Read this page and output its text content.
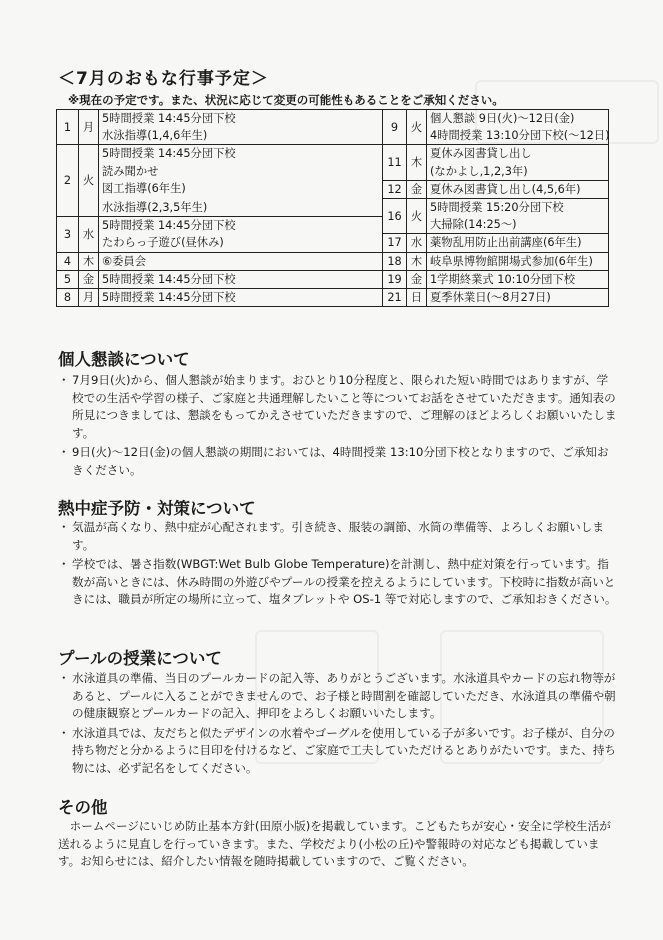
＜7月のおもな行事予定＞
※現在の予定です。また、状況に応じて変更の可能性もあることをご承知ください。
1	月	5時間授業 14:45分団下校	9	火	個人懇談 9日(火)～12日(金)
		水泳指導(1,4,6年生)			4時間授業 13:10分団下校(～12日)
2	火	5時間授業 14:45分団下校	11	木	夏休み図書貸し出し
		読み聞かせ			(なかよし,1,2,3年)
		図工指導(6年生)	12	金	夏休み図書貸し出し(4,5,6年)
		水泳指導(2,3,5年生)	16	火	5時間授業 15:20分団下校
3	水	5時間授業 14:45分団下校			大掃除(14:25～)
		たわらっ子遊び(昼休み)	17	水	薬物乱用防止出前講座(6年生)
4	木	⑥委員会	18	木	岐阜県博物館開場式参加(6年生)
5	金	5時間授業 14:45分団下校	19	金	1学期終業式 10:10分団下校
8	月	5時間授業 14:45分団下校	21	日	夏季休業日(～8月27日)
個人懇談について

・ 7月9日(火)から、個人懇談が始まります。おひとり10分程度と、限られた短い時間ではありますが、学校での生活や学習の様子、ご家庭と共通理解したいこと等についてお話をさせていただきます。通知表の所見につきましては、懇談をもってかえさせていただきますので、ご理解のほどよろしくお願いいたします。

・ 9日(火)～12日(金)の個人懇談の期間においては、4時間授業 13:10分団下校となりますので、ご承知おきください。

熱中症予防・対策について

・ 気温が高くなり、熱中症が心配されます。引き続き、服装の調節、水筒の準備等、よろしくお願いします。

・ 学校では、暑さ指数(WBGT:Wet Bulb Globe Temperature)を計測し、熱中症対策を行っています。指数が高いときには、休み時間の外遊びやプールの授業を控えるようにしています。下校時に指数が高いときには、職員が所定の場所に立って、塩タブレットや OS-1 等で対応しますので、ご承知おきください。

プールの授業について

・ 水泳道具の準備、当日のプールカードの記入等、ありがとうございます。水泳道具やカードの忘れ物等があると、プールに入ることができませんので、お子様と時間割を確認していただき、水泳道具の準備や朝の健康観察とプールカードの記入、押印をよろしくお願いいたします。

・ 水泳道具では、友だちと似たデザインの水着やゴーグルを使用している子が多いです。お子様が、自分の持ち物だと分かるように目印を付けるなど、ご家庭で工夫していただけるとありがたいです。また、持ち物には、必ず記名をしてください。

その他

ホームページにいじめ防止基本方針(田原小版)を掲載しています。こどもたちが安心・安全に学校生活が送れるように見直しを行っていきます。また、学校だより(小松の丘)や警報時の対応なども掲載しています。お知らせには、紹介したい情報を随時掲載していますので、ご覧ください。
